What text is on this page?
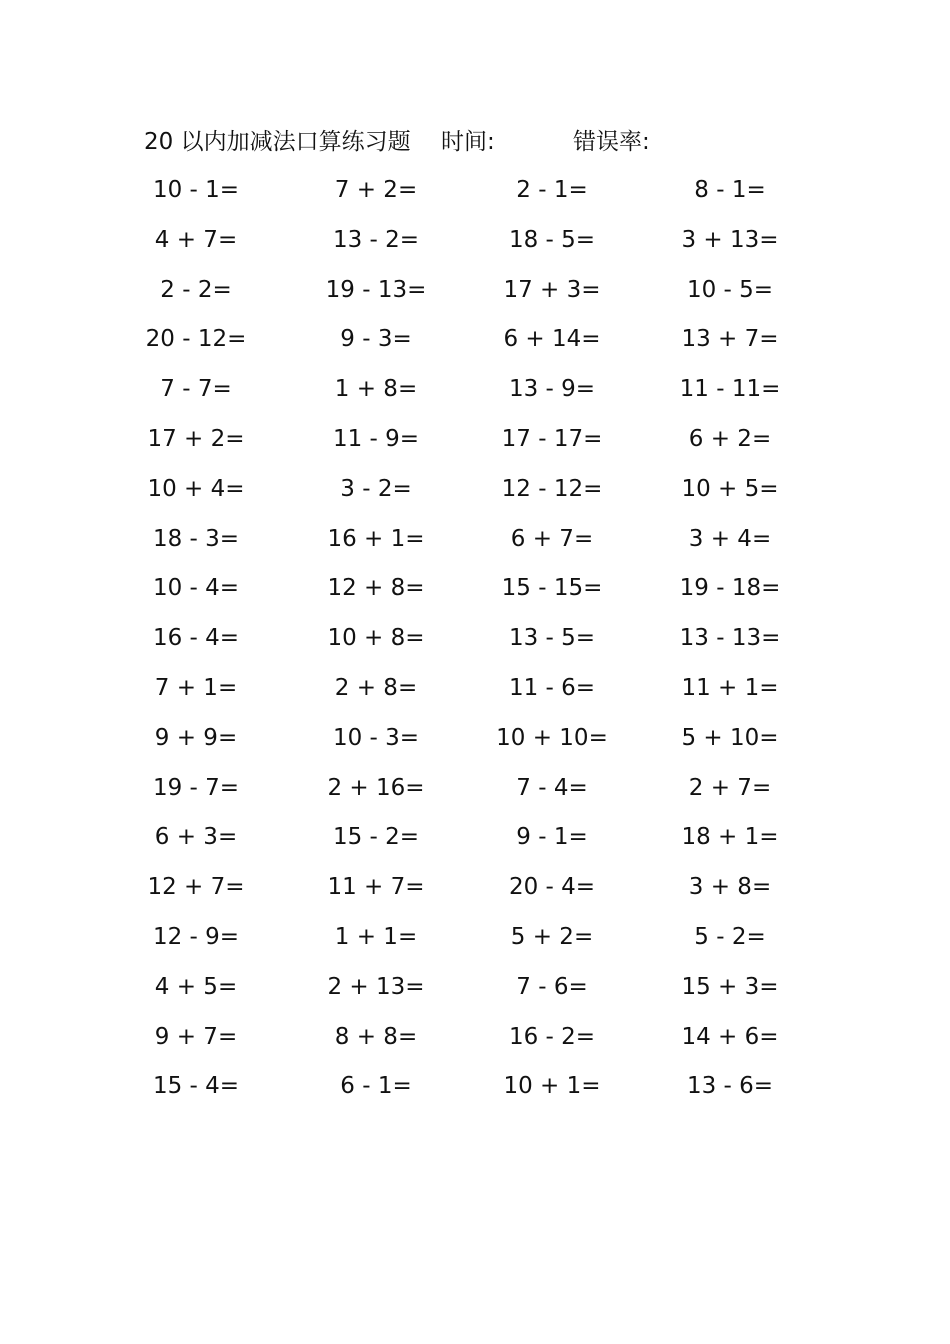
20 以内加减法口算练习题 时间:	错误率:
10 - 1=	7 + 2=	2 - 1=	8 - 1=
4 + 7=	13 - 2=	18 - 5=	3 + 13=
2 - 2=	19 - 13=	17 + 3=	10 - 5=
20 - 12=	9 - 3=	6 + 14=	13 + 7=
7 - 7=	1 + 8=	13 - 9=	11 - 11=
17 + 2=	11 - 9=	17 - 17=	6 + 2=
10 + 4=	3 - 2=	12 - 12=	10 + 5=
18 - 3=	16 + 1=	6 + 7=	3 + 4=
10 - 4=	12 + 8=	15 - 15=	19 - 18=
16 - 4=	10 + 8=	13 - 5=	13 - 13=
7 + 1=	2 + 8=	11 - 6=	11 + 1=
9 + 9=	10 - 3=	10 + 10=	5 + 10=
19 - 7=	2 + 16=	7 - 4=	2 + 7=
6 + 3=	15 - 2=	9 - 1=	18 + 1=
12 + 7=	11 + 7=	20 - 4=	3 + 8=
12 - 9=	1 + 1=	5 + 2=	5 - 2=
4 + 5=	2 + 13=	7 - 6=	15 + 3=
9 + 7=	8 + 8=	16 - 2=	14 + 6=
15 - 4=	6 - 1=	10 + 1=	13 - 6=
